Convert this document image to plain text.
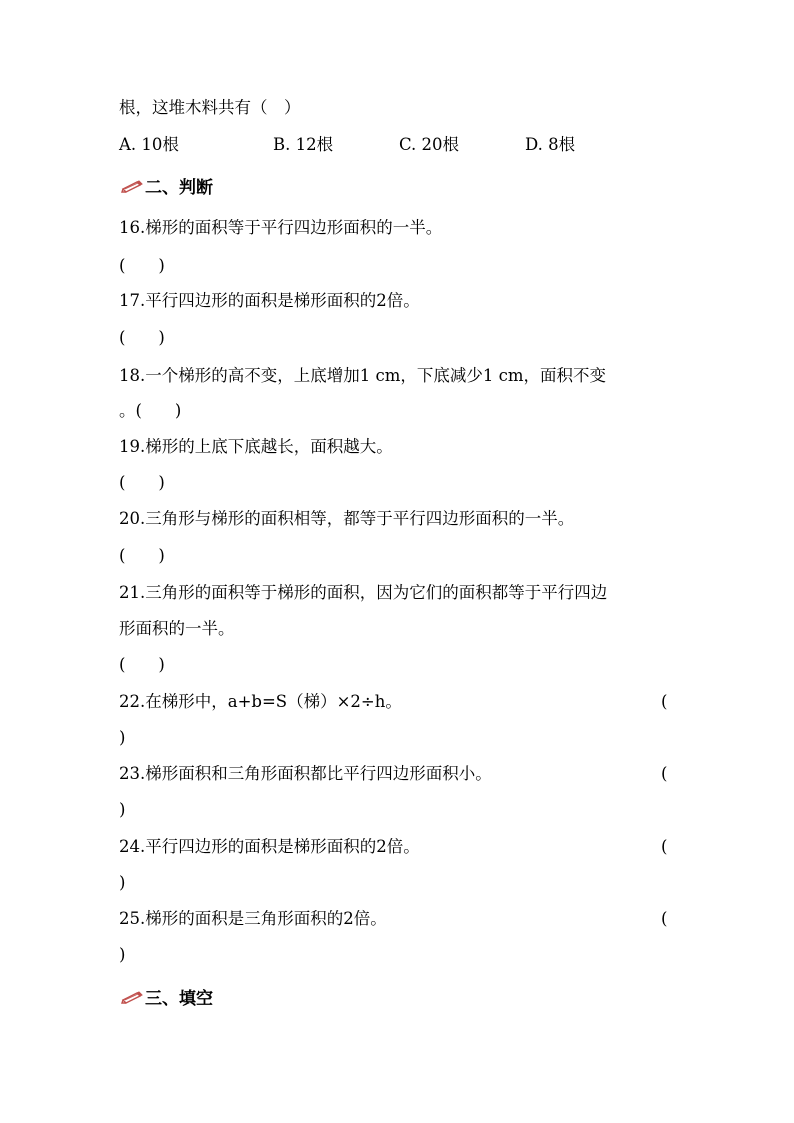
根，这堆木料共有（　）
A. 10根	B. 12根	C. 20根	D. 8根
二、判断
16.梯形的面积等于平行四边形面积的一半。
(　　)
17.平行四边形的面积是梯形面积的2倍。
(　　)
18.一个梯形的高不变，上底增加1 cm，下底减少1 cm，面积不变
。(　　)
19.梯形的上底下底越长，面积越大。
(　　)
20.三角形与梯形的面积相等，都等于平行四边形面积的一半。
(　　)
21.三角形的面积等于梯形的面积，因为它们的面积都等于平行四边
形面积的一半。
(　　)
22.在梯形中，a+b=S（梯）×2÷h。	(
)
23.梯形面积和三角形面积都比平行四边形面积小。	(
)
24.平行四边形的面积是梯形面积的2倍。	(
)
25.梯形的面积是三角形面积的2倍。	(
)
三、填空
